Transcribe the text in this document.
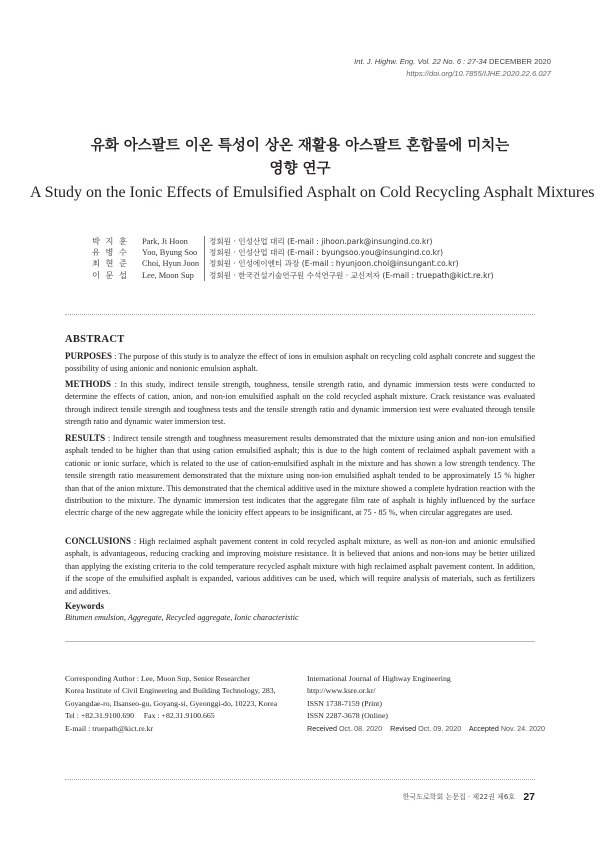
Int. J. Highw. Eng. Vol. 22 No. 6 : 27-34 DECEMBER 2020
https://doi.org/10.7855/IJHE.2020.22.6.027
유화 아스팔트 이온 특성이 상온 재활용 아스팔트 혼합물에 미치는
영향 연구
A Study on the Ionic Effects of Emulsified Asphalt on Cold Recycling Asphalt Mixtures
박 지 훈	Park, Ji Hoon	정회원 · 인성산업 대리 (E-mail : jihoon.park@insungind.co.kr)
유 병 수	Yoo, Byung Soo	정회원 · 인성산업 대리 (E-mail : byungsoo.you@insungind.co.kr)
최 현 준	Choi, Hyun Joon	정회원 · 인성에이엔티 과장 (E-mail : hyunjoon.choi@insungant.co.kr)
이 문 섭	Lee, Moon Sup	정회원 · 한국건설기술연구원 수석연구원 · 교신저자 (E-mail : truepath@kict.re.kr)
ABSTRACT
PURPOSES : The purpose of this study is to analyze the effect of ions in emulsion asphalt on recycling cold asphalt concrete and suggest the possibility of using anionic and nonionic emulsion asphalt.
METHODS : In this study, indirect tensile strength, toughness, tensile strength ratio, and dynamic immersion tests were conducted to determine the effects of cation, anion, and non-ion emulsified asphalt on the cold recycled asphalt mixture. Crack resistance was evaluated through indirect tensile strength and toughness tests and the tensile strength ratio and dynamic immersion test were evaluated through tensile strength ratio and dynamic water immersion test.
RESULTS : Indirect tensile strength and toughness measurement results demonstrated that the mixture using anion and non-ion emulsified asphalt tended to be higher than that using cation emulsified asphalt; this is due to the high content of reclaimed asphalt pavement with a cationic or ionic surface, which is related to the use of cation-emulsified asphalt in the mixture and has shown a low strength tendency. The tensile strength ratio measurement demonstrated that the mixture using non-ion emulsified asphalt tended to be approximately 15 % higher than that of the anion mixture. This demonstrated that the chemical additive used in the mixture showed a complete hydration reaction with the distribution to the mixture. The dynamic immersion test indicates that the aggregate film rate of asphalt is highly influenced by the surface electric charge of the new aggregate while the ionicity effect appears to be insignificant, at 75 - 85 %, when circular aggregates are used.
CONCLUSIONS : High reclaimed asphalt pavement content in cold recycled asphalt mixture, as well as non-ion and anionic emulsified asphalt, is advantageous, reducing cracking and improving moisture resistance. It is believed that anions and non-ions may be better utilized than applying the existing criteria to the cold temperature recycled asphalt mixture with high reclaimed asphalt pavement content. In addition, if the scope of the emulsified asphalt is expanded, various additives can be used, which will require analysis of materials, such as fertilizers and additives.
Keywords
Bitumen emulsion, Aggregate, Recycled aggregate, Ionic characteristic
Corresponding Author : Lee, Moon Sup, Senior Researcher
Korea Institute of Civil Engineering and Building Technology, 283,
Goyangdae-ro, Ilsanseo-gu, Goyang-si, Gyeonggi-do, 10223, Korea
Tel : +82.31.9100.690     Fax : +82.31.9100.665
E-mail : truepath@kict.re.kr
International Journal of Highway Engineering
http://www.ksre.or.kr/
ISSN 1738-7159 (Print)
ISSN 2287-3678 (Online)
Received Oct. 08. 2020 Revised Oct. 09. 2020 Accepted Nov. 24. 2020
한국도로학회 논문집 · 제22권 제6호 27
